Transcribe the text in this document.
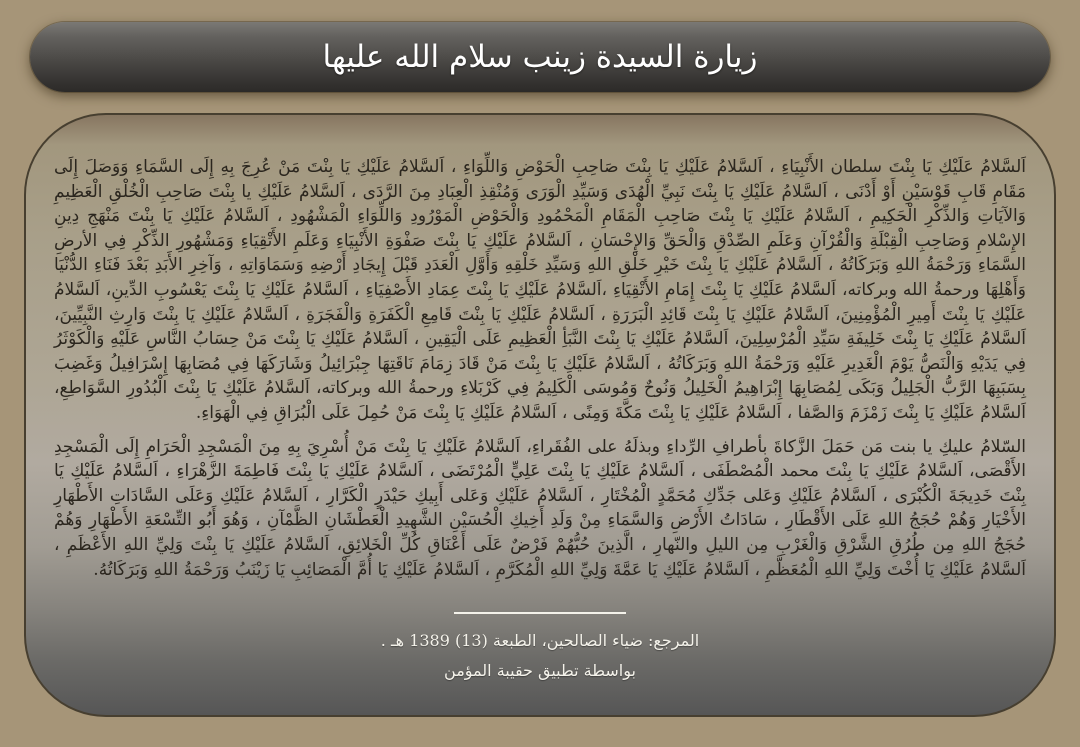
زيارة السيدة زينب سلام الله عليها

اَلسَّلامُ عَلَيْكِ يَا بِنْتَ سلطان الأَنْبِيَاءِ ، اَلسَّلامُ عَلَيْكِ يَا بِنْتَ صَاحِبِ الْحَوْضِ وَاللِّوَاءِ ، اَلسَّلامُ عَلَيْكِ يَا بِنْتَ مَنْ عُرِجَ بِهِ إِلَى السَّمَاءِ وَوَصَلَ إِلَى مَقَامِ قَابِ قَوْسَيْنِ أَوْ أَدْنَى ، اَلسَّلامُ عَلَيْكِ يَا بِنْتَ نَبِيِّ الْهُدَى وَسَيِّدِ الْوَرَى وَمُنْقِذِ الْعِبَادِ مِنَ الرَّدَى ، اَلسَّلامُ عَلَيْكِ يا بِنْتَ صَاحِبِ الْخُلْقِ الْعَظِيمِ وَالآيَاتِ وَالذِّكْرِ الْحَكِيمِ ، اَلسَّلامُ عَلَيْكِ يَا بِنْتَ صَاحِبِ الْمَقَامِ الْمَحْمُودِ وَالْحَوْضِ الْمَوْرُودِ وَاللِّوَاءِ الْمَشْهُودِ ، اَلسَّلامُ عَلَيْكِ يَا بِنْتَ مَنْهَجِ دِينِ الإِسْلامِ وَصَاحِبِ الْقِبْلَةِ وَالْقُرْآنِ وَعَلَمِ الصِّدْقِ وَالْحَقِّ وَالإِحْسَانِ ، اَلسَّلامُ عَلَيْكِ يَا بِنْتَ صَفْوَةِ الأَنْبِيَاءِ وَعَلَمِ الأَتْقِيَاءِ وَمَشْهُورِ الذِّكْرِ فِي الأرضِ السَّمَاءِ وَرَحْمَةُ اللهِ وَبَرَكَاتُهُ ، اَلسَّلامُ عَلَيْكِ يَا بِنْتَ خَيْرِ خَلْقِ اللهِ وَسَيِّدِ خَلْقِهِ وَأَوَّلِ الْعَدَدِ قَبْلَ إِيجَادِ أَرْضِهِ وَسَمَاوَاتِهِ ، وَآخِرِ الأَبَدِ بَعْدَ فَنَاءِ الدُّنْيَا وَأَهْلِهَا ورحمةُ الله وبركاته، اَلسَّلامُ عَلَيْكِ يَا بِنْتَ إِمَامِ الأَتْقِيَاءِ ،اَلسَّلامُ عَلَيْكِ يَا بِنْتَ عِمَادِ الأَصْفِيَاءِ ، اَلسَّلامُ عَلَيْكِ يَا بِنْتَ يَعْسُوبِ الدِّينِ، اَلسَّلامُ عَلَيْكِ يَا بِنْتَ أَمِيرِ الْمُؤْمِنِينَ، اَلسَّلامُ عَلَيْكِ يَا بِنْتَ قَائِدِ الْبَرَرَةِ ، اَلسَّلامُ عَلَيْكِ يَا بِنْتَ قَامِعِ الْكَفَرَةِ وَالْفَجَرَةِ ، اَلسَّلامُ عَلَيْكِ يَا بِنْتَ وَارِثِ النَّبِيِّينَ، اَلسَّلامُ عَلَيْكِ يَا بِنْتَ خَلِيفَةِ سَيِّدِ الْمُرْسِلِينَ، اَلسَّلامُ عَلَيْكِ يَا بِنْتَ النَّبَأِ الْعَظِيمِ عَلَى الْيَقِينِ ، اَلسَّلامُ عَلَيْكِ يَا بِنْتَ مَنْ حِسَابُ النَّاسِ عَلَيْهِ وَالْكَوْثَرُ فِي يَدَيْهِ وَالْنَصُّ يَوْمَ الْغَدِيرِ عَلَيْهِ وَرَحْمَةُ اللهِ وَبَرَكَاتُهُ ، اَلسَّلامُ عَلَيْكِ يَا بِنْتَ مَنْ قَادَ زِمَامَ نَاقَتِهَا جِبْرَائِيلُ وَشَارَكَهَا فِي مُصَابِهَا إِسْرَافِيلُ وَغَضِبَ بِسَبَبِهَا الرَّبُّ الْجَلِيلُ وَبَكَى لِمُصَابِهَا إِبْرَاهِيمُ الْخَلِيلُ وَنُوحٌ وَمُوسَى الْكَلِيمُ فِي كَرْبَلاءِ ورحمةُ الله وبركاته، اَلسَّلامُ عَلَيْكِ يَا بِنْتَ الْبُدُورِ السَّوَاطِعِ، اَلسَّلامُ عَلَيْكِ يَا بِنْتَ زَمْزَمَ وَالصَّفا ، اَلسَّلامُ عَلَيْكِ يَا بِنْتَ مَكَّةَ وَمِنًى ، اَلسَّلامُ عَلَيْكِ يَا بِنْتَ مَنْ حُمِلَ عَلَى الْبُرَاقِ فِي الْهَوَاءِ.

السّلامُ عليكِ يا بنت مَن حَمَلَ الزَّكاةَ بأطرافِ الرِّداءِ وبذلَهُ على الفُقَراءِ، اَلسَّلامُ عَلَيْكِ يَا بِنْتَ مَنْ أُسْرِيَ بِهِ مِنَ الْمَسْجِدِ الْحَرَامِ إِلَى الْمَسْجِدِ الأَقْصَى، اَلسَّلامُ عَلَيْكِ يَا بِنْتَ محمد الْمُصْطَفَى ، اَلسَّلامُ عَلَيْكِ يَا بِنْتَ عَلِيٍّ الْمُرْتَضَى ، اَلسَّلامُ عَلَيْكِ يَا بِنْتَ فَاطِمَةَ الزَّهْرَاءِ ، اَلسَّلامُ عَلَيْكِ يَا بِنْتَ خَدِيجَةَ الْكُبْرَى ، اَلسَّلامُ عَلَيْكِ وَعَلى جَدِّكِ مُحَمَّدٍ الْمُخْتَارِ ، اَلسَّلامُ عَلَيْكِ وَعَلى أَبِيكِ حَيْدَرٍ الْكَرَّارِ ، اَلسَّلامُ عَلَيْكِ وَعَلَى السَّادَاتِ الأَطْهَارِ الأَخْيَارِ وَهُمْ حُجَجُ اللهِ عَلَى الأَقْطَارِ ، سَادَاتُ الأَرْضِ وَالسَّمَاءِ مِنْ وَلَدِ أَخِيكِ الْحُسَيْنِ الشَّهِيدِ الْعَطْشَانِ الظَّمْآنِ ، وَهُوَ أَبُو التِّسْعَةِ الأَطْهَارِ وَهُمْ حُجَجُ اللهِ مِن طُرُقِ الشَّرْقِ وَالْغَرْبِ مِن الليلِ والنّهارِ ، الَّذِينَ حُبُّهُمْ فَرْضٌ عَلَى أَعْنَاقِ كُلِّ الْخَلائِقِ، اَلسَّلامُ عَلَيْكِ يَا بِنْتَ وَلِيِّ اللهِ الأَعْظَمِ ، اَلسَّلامُ عَلَيْكِ يَا أُخْتَ وَلِيِّ اللهِ الْمُعَظَّمِ ، اَلسَّلامُ عَلَيْكِ يَا عَمَّةَ وَلِيِّ اللهِ الْمُكَرَّمِ ، اَلسَّلامُ عَلَيْكِ يَا أُمَّ الْمَصَائِبِ يَا زَيْنَبُ وَرَحْمَةُ اللهِ وَبَرَكَاتُهُ.

المرجع: ضياء الصالحين، الطبعة (13) 1389 هـ .
بواسطة تطبيق حقيبة المؤمن
